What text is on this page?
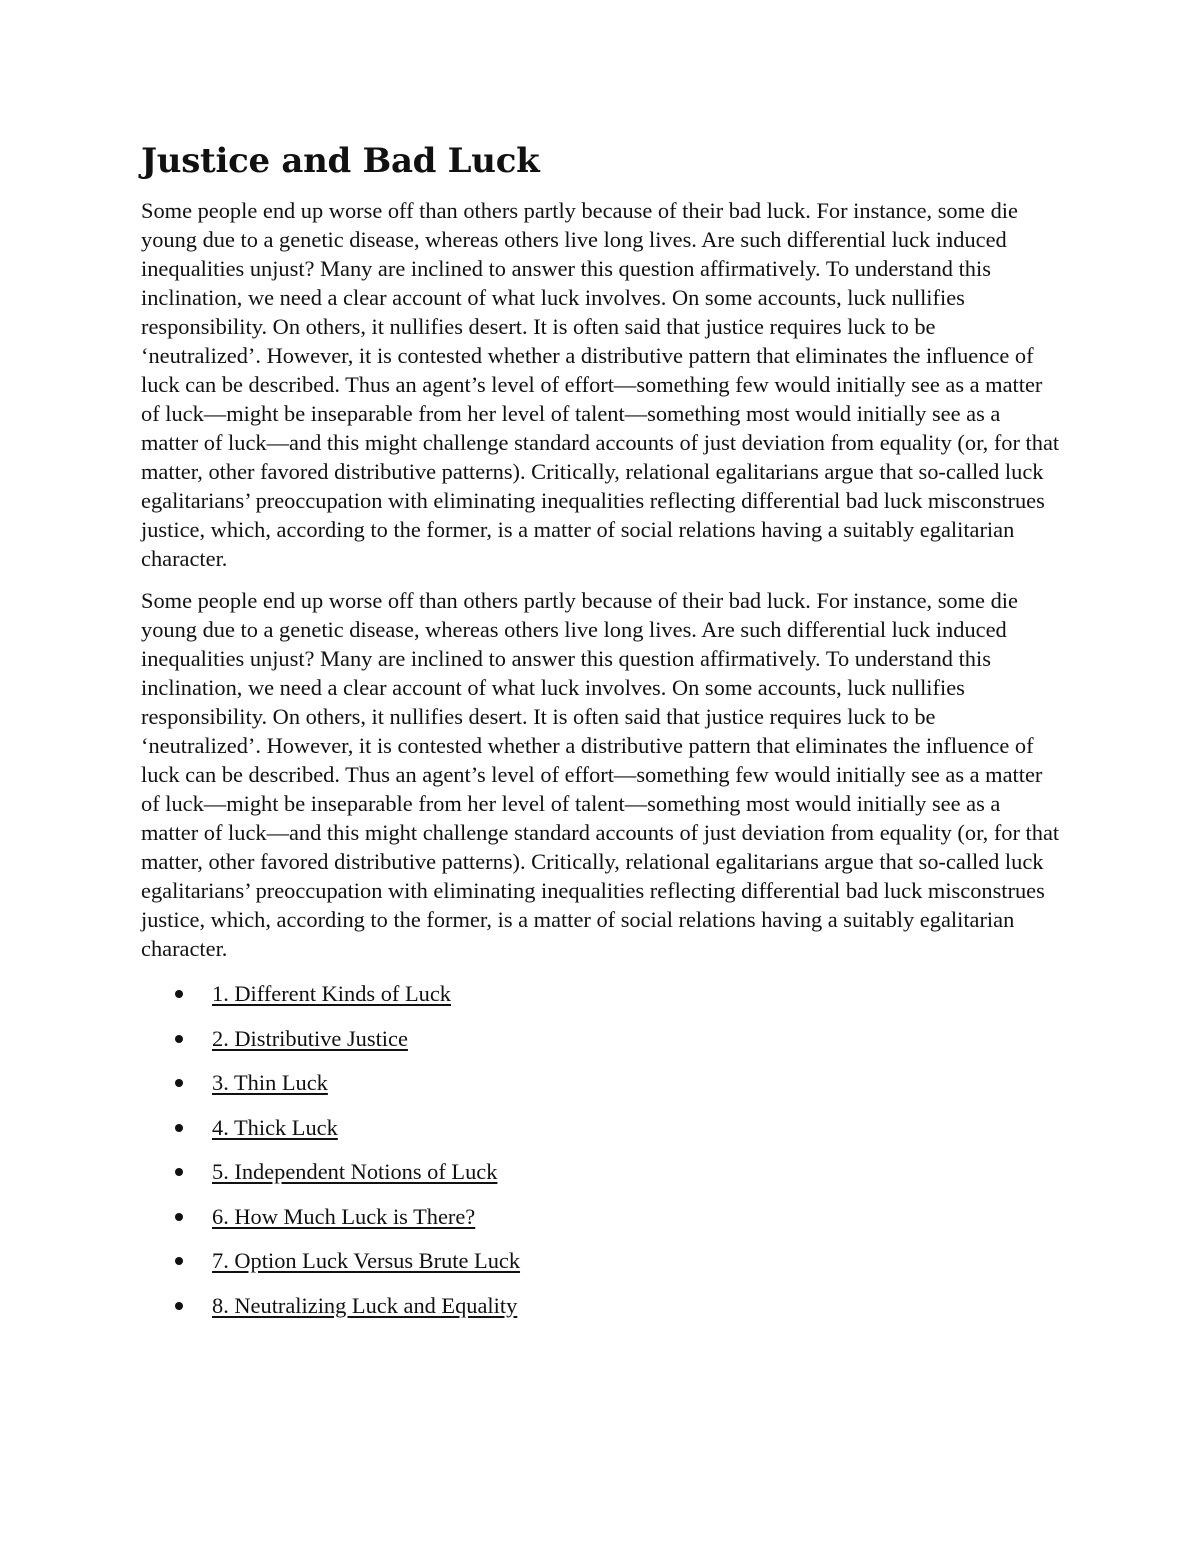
Justice and Bad Luck

Some people end up worse off than others partly because of their bad luck. For instance, some die young due to a genetic disease, whereas others live long lives. Are such differential luck induced inequalities unjust? Many are inclined to answer this question affirmatively. To understand this inclination, we need a clear account of what luck involves. On some accounts, luck nullifies responsibility. On others, it nullifies desert. It is often said that justice requires luck to be ‘neutralized’. However, it is contested whether a distributive pattern that eliminates the influence of luck can be described. Thus an agent’s level of effort—something few would initially see as a matter of luck—might be inseparable from her level of talent—something most would initially see as a matter of luck—and this might challenge standard accounts of just deviation from equality (or, for that matter, other favored distributive patterns). Critically, relational egalitarians argue that so-called luck egalitarians’ preoccupation with eliminating inequalities reflecting differential bad luck misconstrues justice, which, according to the former, is a matter of social relations having a suitably egalitarian character.

Some people end up worse off than others partly because of their bad luck. For instance, some die young due to a genetic disease, whereas others live long lives. Are such differential luck induced inequalities unjust? Many are inclined to answer this question affirmatively. To understand this inclination, we need a clear account of what luck involves. On some accounts, luck nullifies responsibility. On others, it nullifies desert. It is often said that justice requires luck to be ‘neutralized’. However, it is contested whether a distributive pattern that eliminates the influence of luck can be described. Thus an agent’s level of effort—something few would initially see as a matter of luck—might be inseparable from her level of talent—something most would initially see as a matter of luck—and this might challenge standard accounts of just deviation from equality (or, for that matter, other favored distributive patterns). Critically, relational egalitarians argue that so-called luck egalitarians’ preoccupation with eliminating inequalities reflecting differential bad luck misconstrues justice, which, according to the former, is a matter of social relations having a suitably egalitarian character.

1. Different Kinds of Luck
2. Distributive Justice
3. Thin Luck
4. Thick Luck
5. Independent Notions of Luck
6. How Much Luck is There?
7. Option Luck Versus Brute Luck
8. Neutralizing Luck and Equality
